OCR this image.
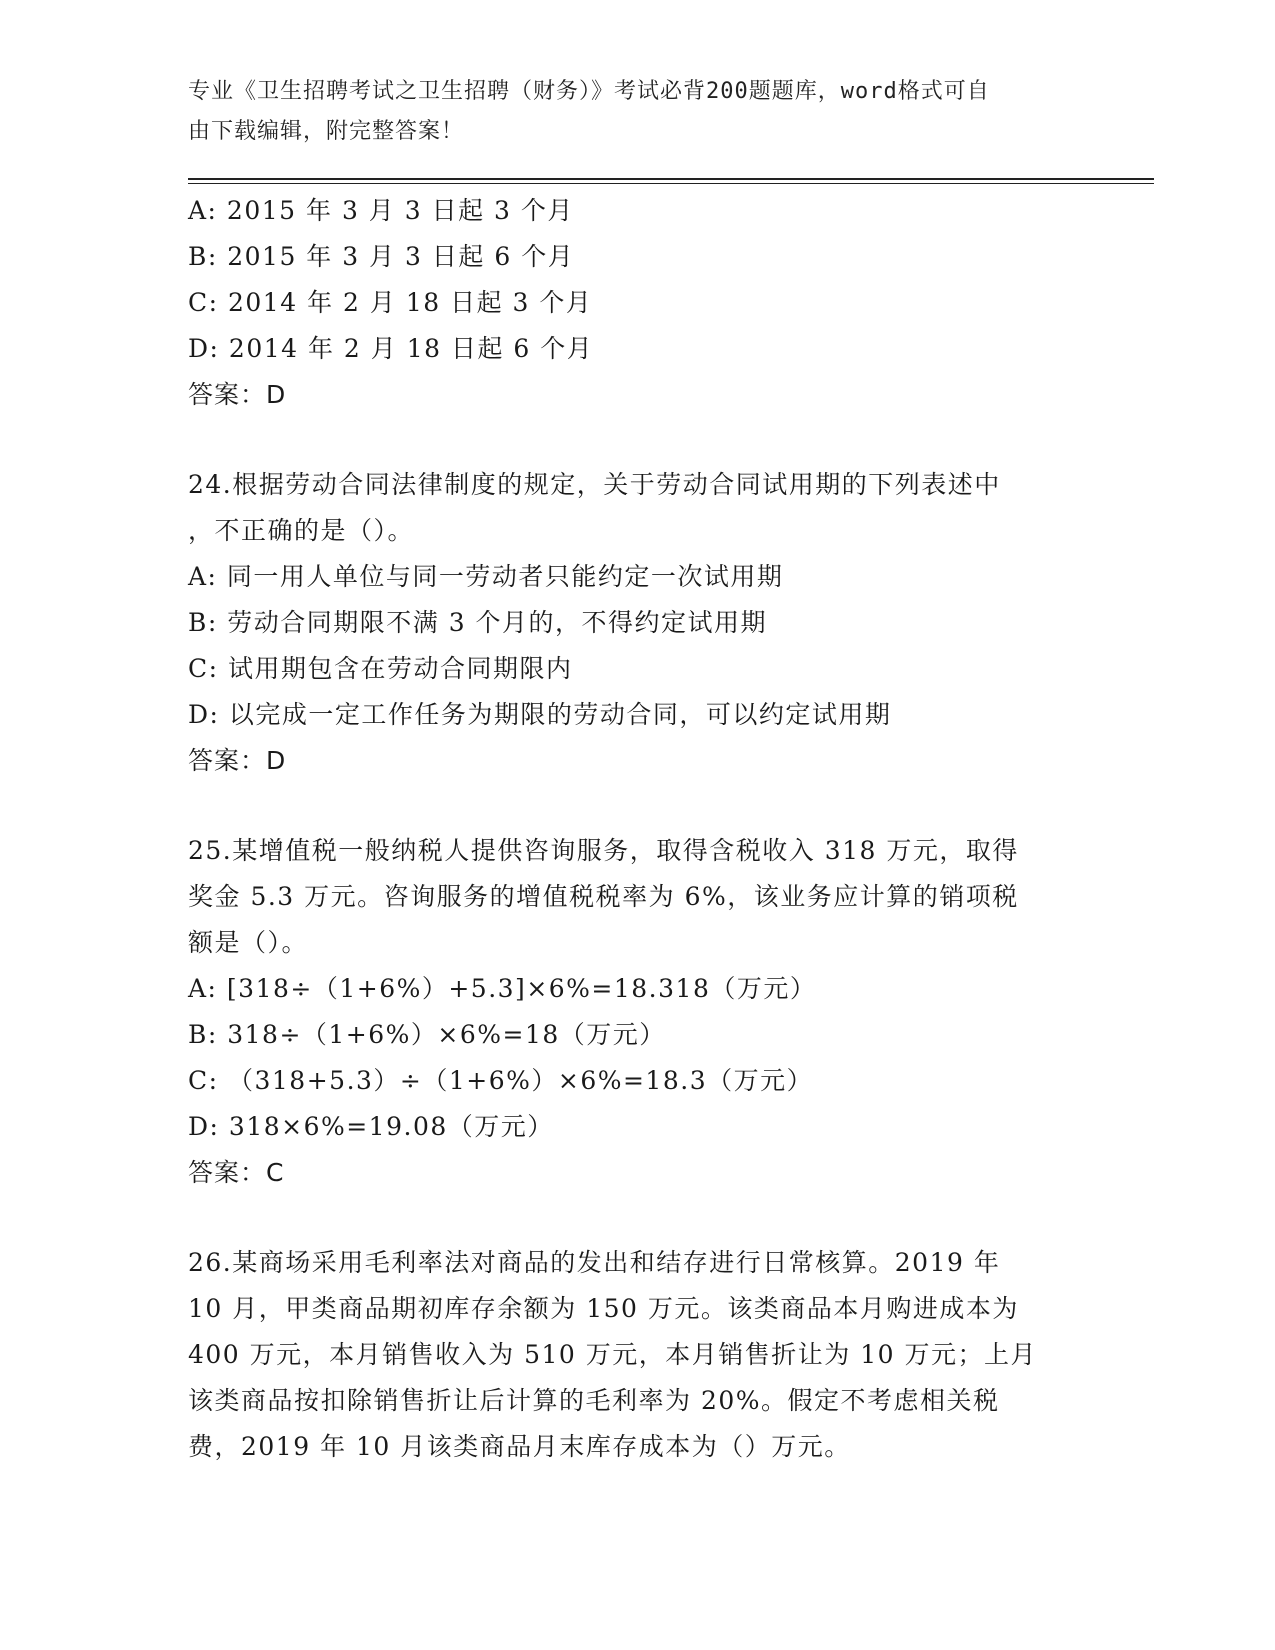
专业《卫生招聘考试之卫生招聘（财务）》考试必背200题题库，word格式可自
由下载编辑，附完整答案！
A: 2015 年 3 月 3 日起 3 个月
B: 2015 年 3 月 3 日起 6 个月
C: 2014 年 2 月 18 日起 3 个月
D: 2014 年 2 月 18 日起 6 个月
答案：D
24.根据劳动合同法律制度的规定，关于劳动合同试用期的下列表述中
，不正确的是（）。
A: 同一用人单位与同一劳动者只能约定一次试用期
B: 劳动合同期限不满 3 个月的，不得约定试用期
C: 试用期包含在劳动合同期限内
D: 以完成一定工作任务为期限的劳动合同，可以约定试用期
答案：D
25.某增值税一般纳税人提供咨询服务，取得含税收入 318 万元，取得
奖金 5.3 万元。咨询服务的增值税税率为 6%，该业务应计算的销项税
额是（）。
A: [318÷（1+6%）+5.3]×6%=18.318（万元）
B: 318÷（1+6%）×6%=18（万元）
C: （318+5.3）÷（1+6%）×6%=18.3（万元）
D: 318×6%=19.08（万元）
答案：C
26.某商场采用毛利率法对商品的发出和结存进行日常核算。2019 年
10 月，甲类商品期初库存余额为 150 万元。该类商品本月购进成本为
400 万元，本月销售收入为 510 万元，本月销售折让为 10 万元；上月
该类商品按扣除销售折让后计算的毛利率为 20%。假定不考虑相关税
费，2019 年 10 月该类商品月末库存成本为（）万元。
